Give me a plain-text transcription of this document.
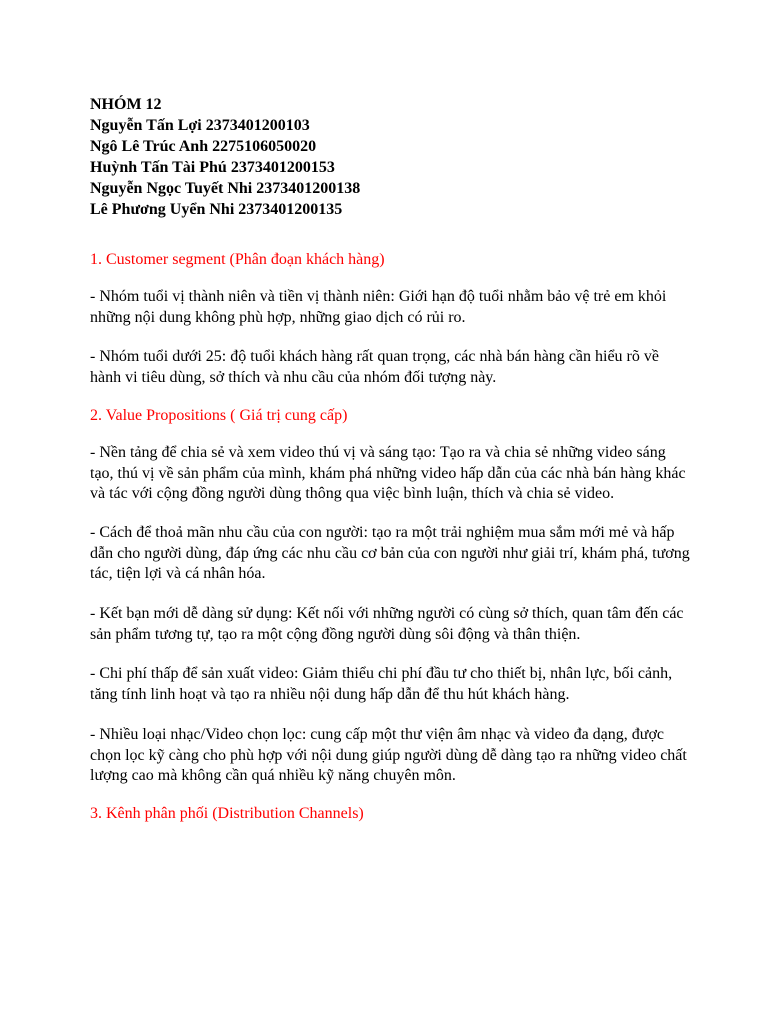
NHÓM 12
Nguyễn Tấn Lợi 2373401200103
Ngô Lê Trúc Anh 2275106050020
Huỳnh Tấn Tài Phú 2373401200153
Nguyễn Ngọc Tuyết Nhi 2373401200138
Lê Phương Uyển Nhi 2373401200135

1. Customer segment (Phân đoạn khách hàng)

- Nhóm tuổi vị thành niên và tiền vị thành niên: Giới hạn độ tuổi nhằm bảo vệ trẻ em khỏi những nội dung không phù hợp, những giao dịch có rủi ro.

- Nhóm tuổi dưới 25: độ tuổi khách hàng rất quan trọng, các nhà bán hàng cần hiểu rõ về hành vi tiêu dùng, sở thích và nhu cầu của nhóm đối tượng này.

2. Value Propositions ( Giá trị cung cấp)

- Nền tảng để chia sẻ và xem video thú vị và sáng tạo: Tạo ra và chia sẻ những video sáng tạo, thú vị về sản phẩm của mình, khám phá những video hấp dẫn của các nhà bán hàng khác và tác với cộng đồng người dùng thông qua việc bình luận, thích và chia sẻ video.

- Cách để thoả mãn nhu cầu của con người: tạo ra một trải nghiệm mua sắm mới mẻ và hấp dẫn cho người dùng, đáp ứng các nhu cầu cơ bản của con người như giải trí, khám phá, tương tác, tiện lợi và cá nhân hóa.

- Kết bạn mới dễ dàng sử dụng: Kết nối với những người có cùng sở thích, quan tâm đến các sản phẩm tương tự, tạo ra một cộng đồng người dùng sôi động và thân thiện.

- Chi phí thấp để sản xuất video: Giảm thiểu chi phí đầu tư cho thiết bị, nhân lực, bối cảnh, tăng tính linh hoạt và tạo ra nhiều nội dung hấp dẫn để thu hút khách hàng.

- Nhiều loại nhạc/Video chọn lọc: cung cấp một thư viện âm nhạc và video đa dạng, được chọn lọc kỹ càng cho phù hợp với nội dung giúp người dùng dễ dàng tạo ra những video chất lượng cao mà không cần quá nhiều kỹ năng chuyên môn.

3. Kênh phân phối (Distribution Channels)
